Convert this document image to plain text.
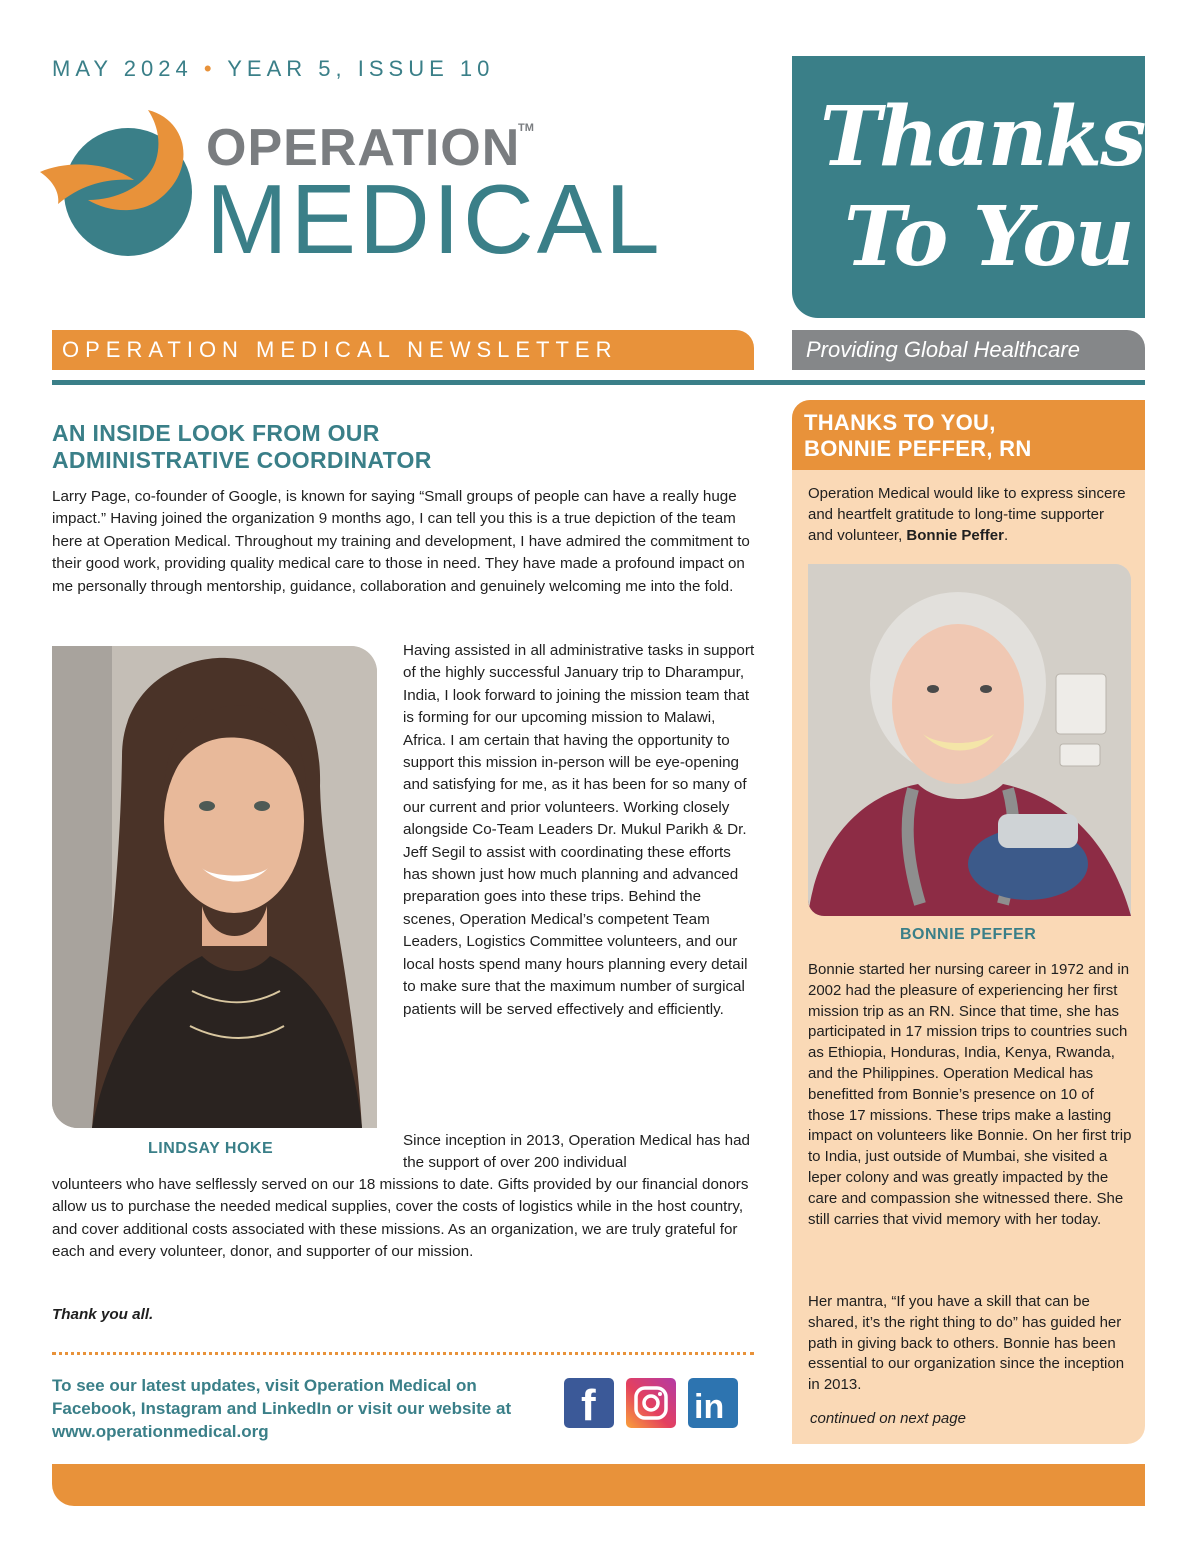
MAY 2024 • YEAR 5, ISSUE 10
OPERATION
TM
MEDICAL
Thanks
To You
OPERATION MEDICAL NEWSLETTER	Providing Global Healthcare
AN INSIDE LOOK FROM OUR
ADMINISTRATIVE COORDINATOR

Larry Page, co-founder of Google, is known for saying “Small groups of people can have a really huge impact.” Having joined the organization 9 months ago, I can tell you this is a true depiction of the team here at Operation Medical. Throughout my training and development, I have admired the commitment to their good work, providing quality medical care to those in need. They have made a profound impact on me personally through mentorship, guidance, collaboration and genuinely welcoming me into the fold.

LINDSAY HOKE

Having assisted in all administrative tasks in support of the highly successful January trip to Dharampur, India, I look forward to joining the mission team that is forming for our upcoming mission to Malawi, Africa. I am certain that having the opportunity to support this mission in-person will be eye-opening and satisfying for me, as it has been for so many of our current and prior volunteers. Working closely alongside Co-Team Leaders Dr. Mukul Parikh & Dr. Jeff Segil to assist with coordinating these efforts has shown just how much planning and advanced preparation goes into these trips. Behind the scenes, Operation Medical’s competent Team Leaders, Logistics Committee volunteers, and our local hosts spend many hours planning every detail to make sure that the maximum number of surgical patients will be served effectively and efficiently.

Since inception in 2013, Operation Medical has had the support of over 200 individual

volunteers who have selflessly served on our 18 missions to date. Gifts provided by our financial donors allow us to purchase the needed medical supplies, cover the costs of logistics while in the host country, and cover additional costs associated with these missions. As an organization, we are truly grateful for each and every volunteer, donor, and supporter of our mission.

Thank you all.
To see our latest updates, visit Operation Medical on Facebook, Instagram and LinkedIn or visit our website at www.operationmedical.org
f	in
THANKS TO YOU,
BONNIE PEFFER, RN

Operation Medical would like to express sincere and heartfelt gratitude to long-time supporter and volunteer, Bonnie Peffer.

BONNIE PEFFER

Bonnie started her nursing career in 1972 and in 2002 had the pleasure of experiencing her first mission trip as an RN. Since that time, she has participated in 17 mission trips to countries such as Ethiopia, Honduras, India, Kenya, Rwanda, and the Philippines. Operation Medical has benefitted from Bonnie’s presence on 10 of those 17 missions. These trips make a lasting impact on volunteers like Bonnie. On her first trip to India, just outside of Mumbai, she visited a leper colony and was greatly impacted by the care and compassion she witnessed there. She still carries that vivid memory with her today.

Her mantra, “If you have a skill that can be shared, it’s the right thing to do” has guided her path in giving back to others. Bonnie has been essential to our organization since the inception in 2013.

continued on next page
